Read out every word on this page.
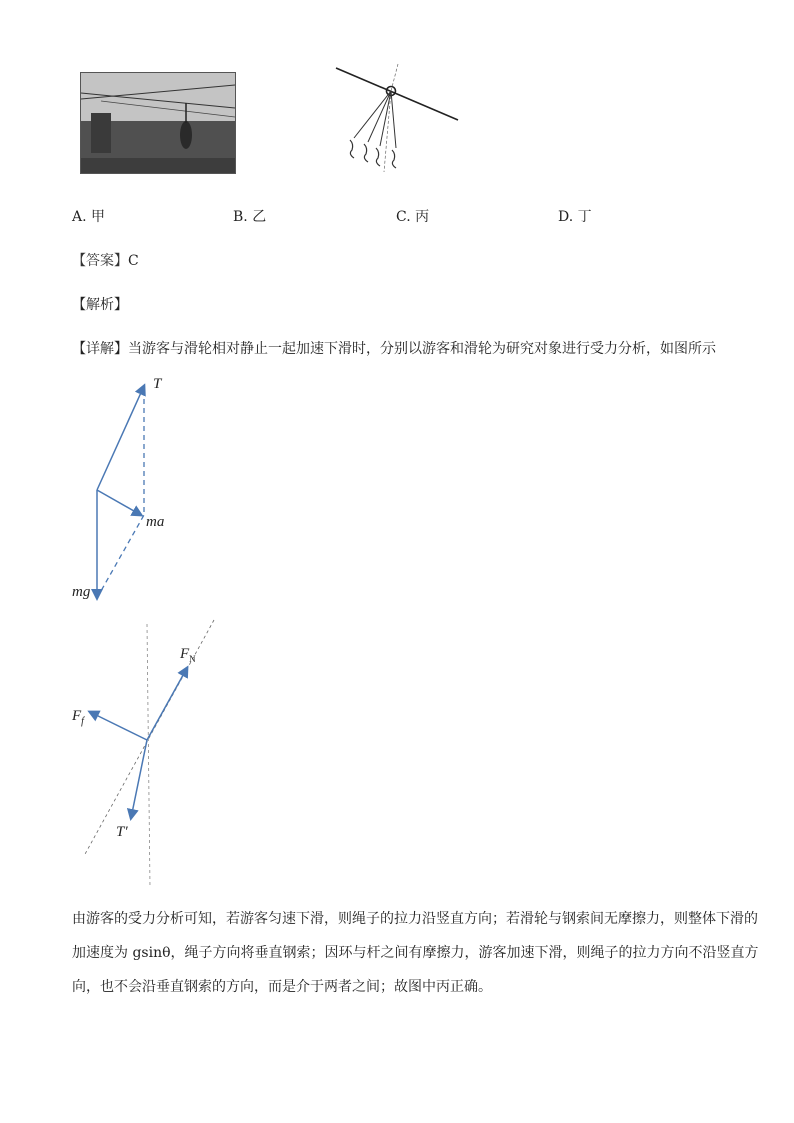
A. 甲	B. 乙	C. 丙	D. 丁
【答案】C
【解析】
【详解】当游客与滑轮相对静止一起加速下滑时，分别以游客和滑轮为研究对象进行受力分析，如图所示
T
ma
mg
$F_N$
$F_f$
T′
由游客的受力分析可知，若游客匀速下滑，则绳子的拉力沿竖直方向；若滑轮与钢索间无摩擦力，则整体下滑的加速度为 gsinθ，绳子方向将垂直钢索；因环与杆之间有摩擦力，游客加速下滑，则绳子的拉力方向不沿竖直方向，也不会沿垂直钢索的方向，而是介于两者之间；故图中丙正确。
